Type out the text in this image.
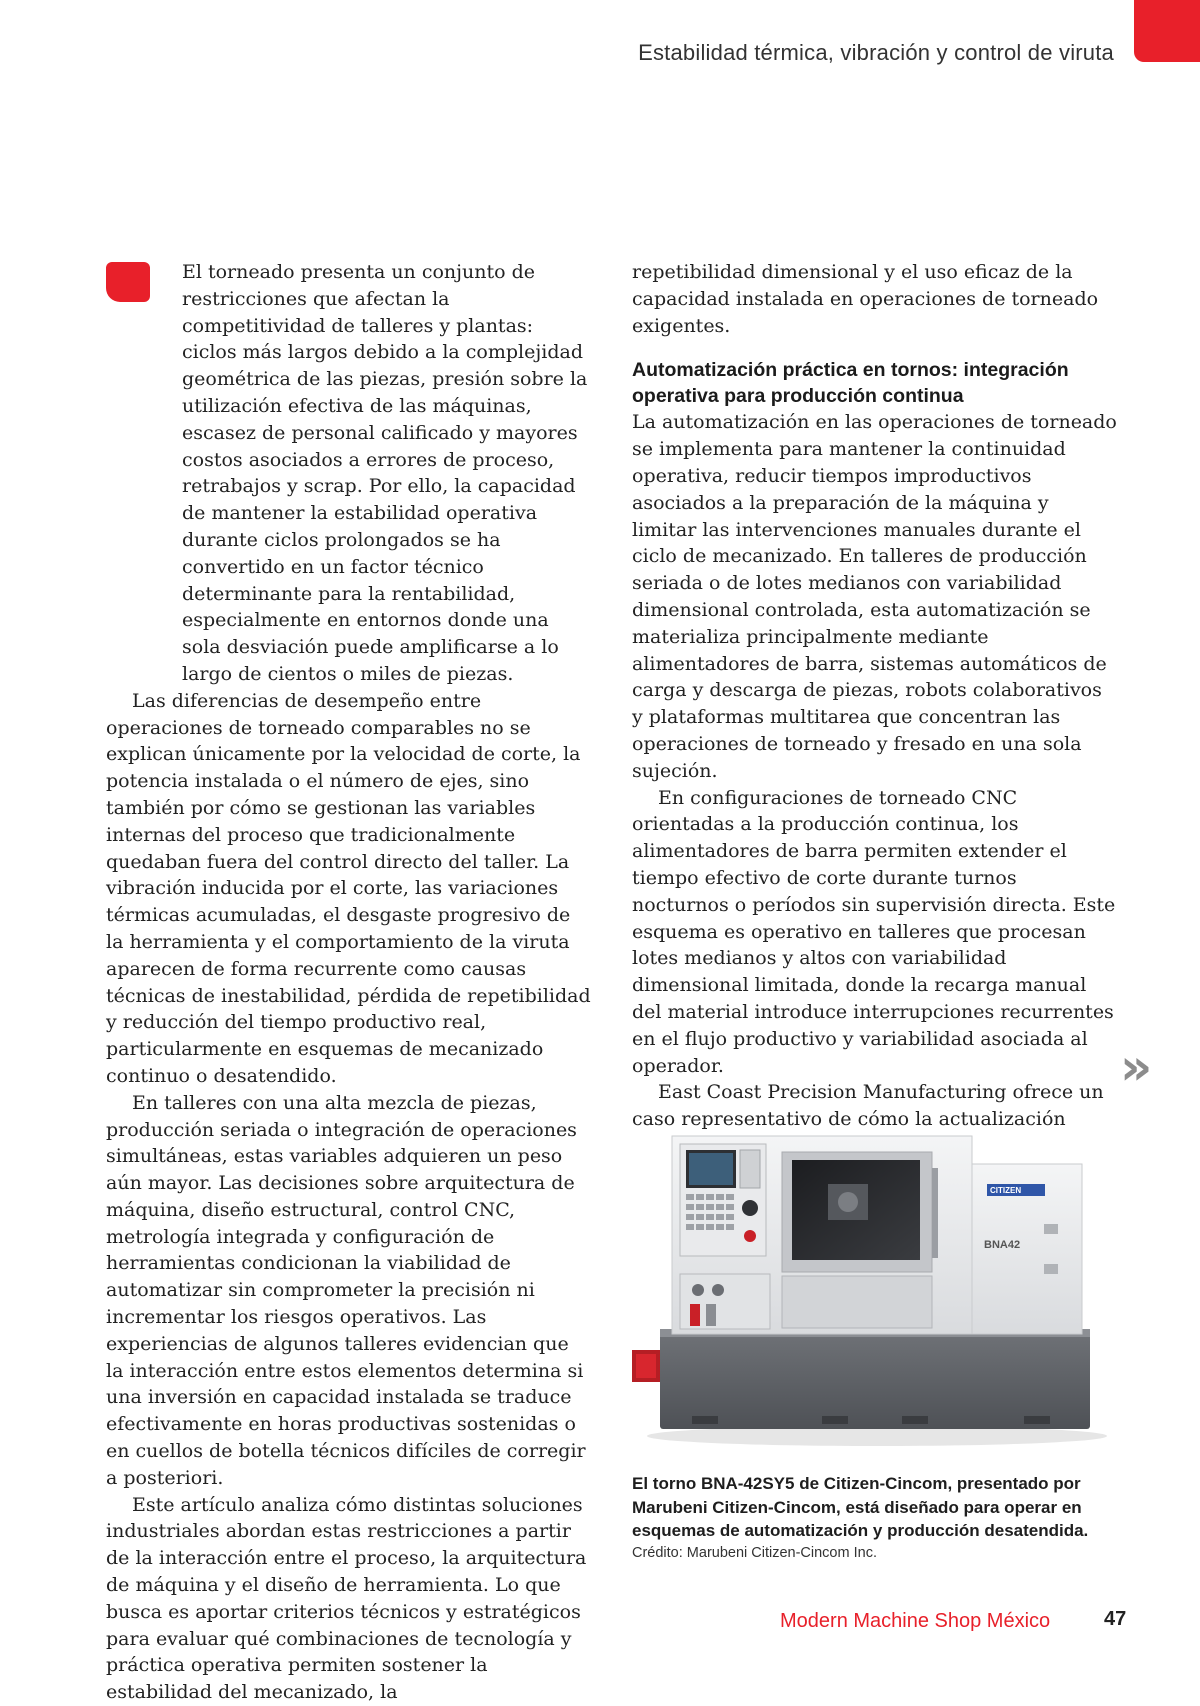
Estabilidad térmica, vibración y control de viruta

El torneado presenta un conjunto de restricciones que afectan la competitividad de talleres y plantas: ciclos más largos debido a la complejidad geométrica de las piezas, presión sobre la utilización efectiva de las máquinas, escasez de personal calificado y mayores costos asociados a errores de proceso, retrabajos y scrap. Por ello, la capacidad de mantener la estabilidad operativa durante ciclos prolongados se ha convertido en un factor técnico determinante para la rentabilidad, especialmente en entornos donde una sola desviación puede amplificarse a lo largo de cientos o miles de piezas.

Las diferencias de desempeño entre operaciones de torneado comparables no se explican únicamente por la velocidad de corte, la potencia instalada o el número de ejes, sino también por cómo se gestionan las variables internas del proceso que tradicionalmente quedaban fuera del control directo del taller. La vibración inducida por el corte, las variaciones térmicas acumuladas, el desgaste progresivo de la herramienta y el comportamiento de la viruta aparecen de forma recurrente como causas técnicas de inestabilidad, pérdida de repetibilidad y reducción del tiempo productivo real, particularmente en esquemas de mecanizado continuo o desatendido.

En talleres con una alta mezcla de piezas, producción seriada o integración de operaciones simultáneas, estas variables adquieren un peso aún mayor. Las decisiones sobre arquitectura de máquina, diseño estructural, control CNC, metrología integrada y configuración de herramientas condicionan la viabilidad de automatizar sin comprometer la precisión ni incrementar los riesgos operativos. Las experiencias de algunos talleres evidencian que la interacción entre estos elementos determina si una inversión en capacidad instalada se traduce efectivamente en horas productivas sostenidas o en cuellos de botella técnicos difíciles de corregir a posteriori.

Este artículo analiza cómo distintas soluciones industriales abordan estas restricciones a partir de la interacción entre el proceso, la arquitectura de máquina y el diseño de herramienta. Lo que busca es aportar criterios técnicos y estratégicos para evaluar qué combinaciones de tecnología y práctica operativa permiten sostener la estabilidad del mecanizado, la

repetibilidad dimensional y el uso eficaz de la capacidad instalada en operaciones de torneado exigentes.

Automatización práctica en tornos: integración operativa para producción continua

La automatización en las operaciones de torneado se implementa para mantener la continuidad operativa, reducir tiempos improductivos asociados a la preparación de la máquina y limitar las intervenciones manuales durante el ciclo de mecanizado. En talleres de producción seriada o de lotes medianos con variabilidad dimensional controlada, esta automatización se materializa principalmente mediante alimentadores de barra, sistemas automáticos de carga y descarga de piezas, robots colaborativos y plataformas multitarea que concentran las operaciones de torneado y fresado en una sola sujeción.

En configuraciones de torneado CNC orientadas a la producción continua, los alimentadores de barra permiten extender el tiempo efectivo de corte durante turnos nocturnos o períodos sin supervisión directa. Este esquema es operativo en talleres que procesan lotes medianos y altos con variabilidad dimensional limitada, donde la recarga manual del material introduce interrupciones recurrentes en el flujo productivo y variabilidad asociada al operador.

East Coast Precision Manufacturing ofrece un caso representativo de cómo la actualización

»
CITIZEN
BNA42
El torno BNA-42SY5 de Citizen-Cincom, presentado por Marubeni Citizen-Cincom, está diseñado para operar en esquemas de automatización y producción desatendida.
Crédito: Marubeni Citizen-Cincom Inc.
Modern Machine Shop México	47
